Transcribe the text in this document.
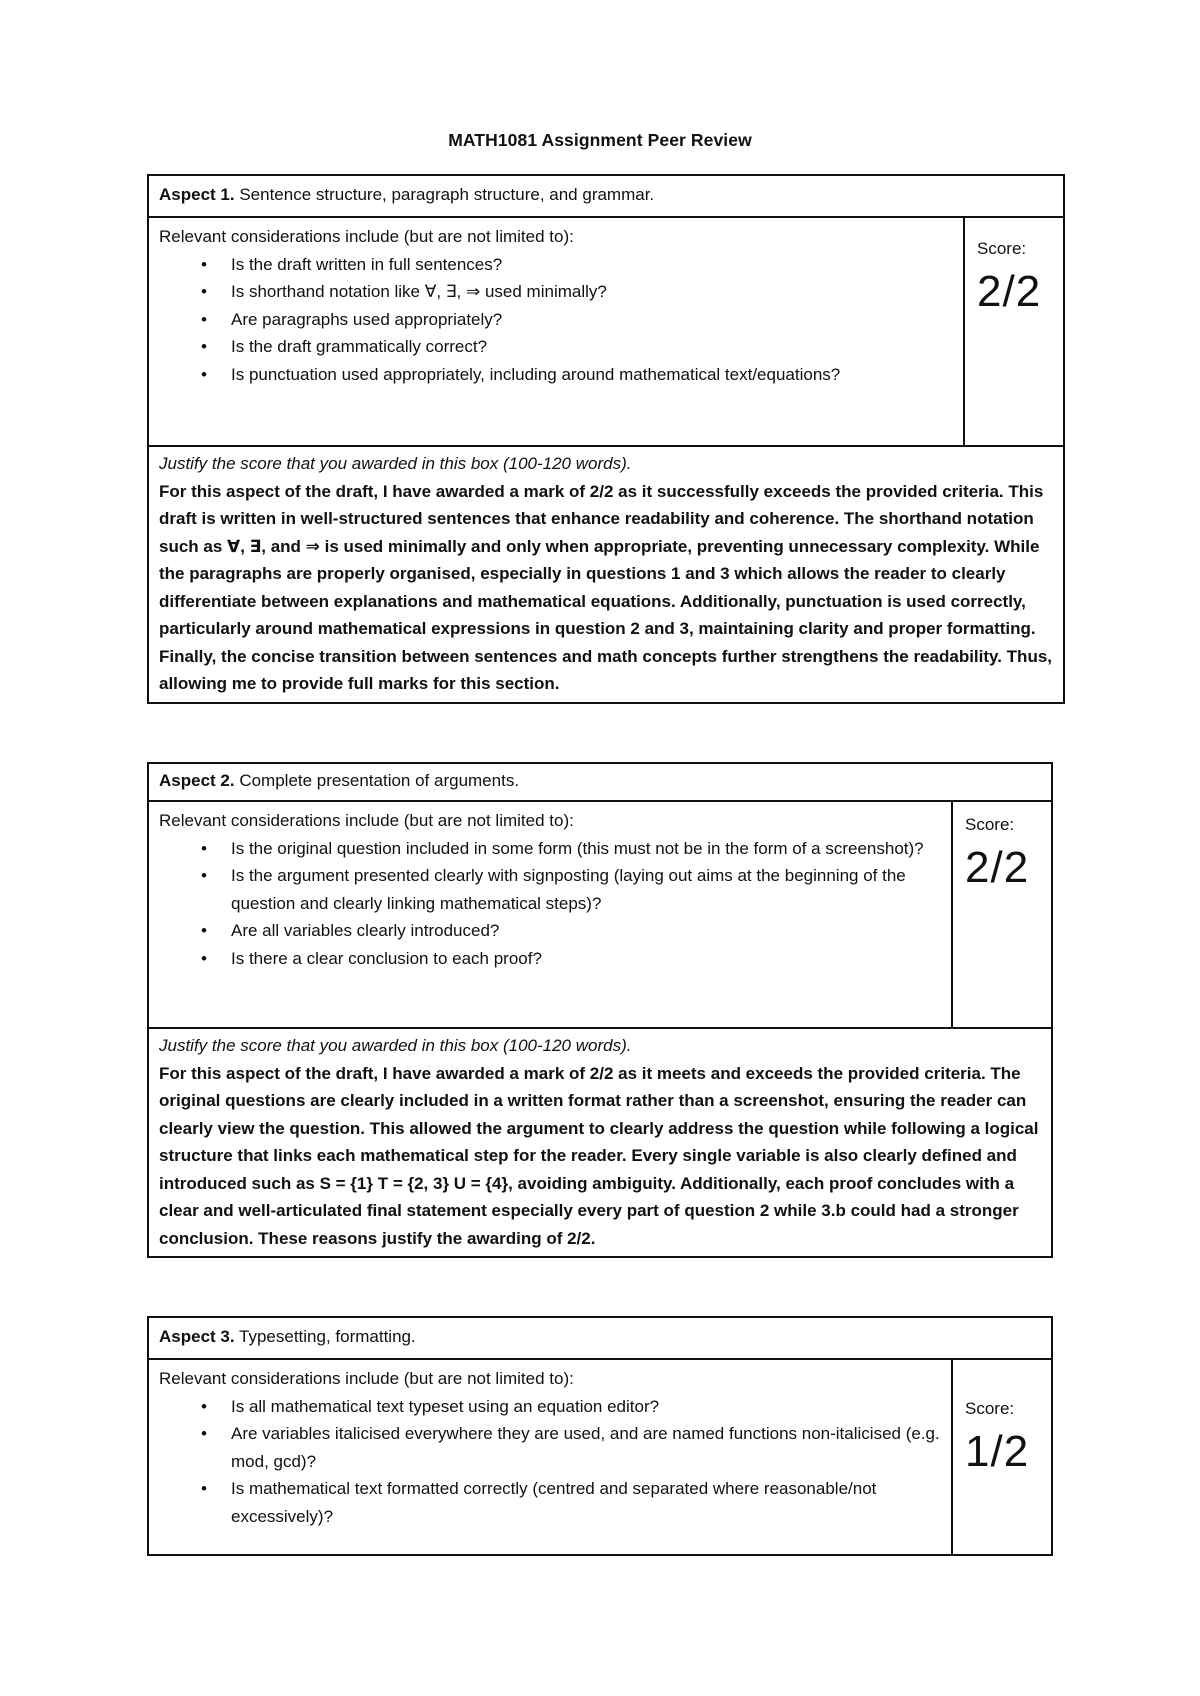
MATH1081 Assignment Peer Review
Aspect 1. Sentence structure, paragraph structure, and grammar.

Relevant considerations include (but are not limited to):

• Is the draft written in full sentences?
• Is shorthand notation like ∀, ∃, ⇒ used minimally?
• Are paragraphs used appropriately?
• Is the draft grammatically correct?
• Is punctuation used appropriately, including around mathematical text/equations?
Score:
2/2
Justify the score that you awarded in this box (100-120 words).
For this aspect of the draft, I have awarded a mark of 2/2 as it successfully exceeds the provided criteria. This draft is written in well-structured sentences that enhance readability and coherence. The shorthand notation such as ∀, ∃, and ⇒ is used minimally and only when appropriate, preventing unnecessary complexity. While the paragraphs are properly organised, especially in questions 1 and 3 which allows the reader to clearly differentiate between explanations and mathematical equations. Additionally, punctuation is used correctly, particularly around mathematical expressions in question 2 and 3, maintaining clarity and proper formatting. Finally, the concise transition between sentences and math concepts further strengthens the readability. Thus, allowing me to provide full marks for this section.
Aspect 2. Complete presentation of arguments.

Relevant considerations include (but are not limited to):

• Is the original question included in some form (this must not be in the form of a screenshot)?
• Is the argument presented clearly with signposting (laying out aims at the beginning of the question and clearly linking mathematical steps)?
• Are all variables clearly introduced?
• Is there a clear conclusion to each proof?
Score:
2/2
Justify the score that you awarded in this box (100-120 words).
For this aspect of the draft, I have awarded a mark of 2/2 as it meets and exceeds the provided criteria. The original questions are clearly included in a written format rather than a screenshot, ensuring the reader can clearly view the question. This allowed the argument to clearly address the question while following a logical structure that links each mathematical step for the reader. Every single variable is also clearly defined and introduced such as S = {1} T = {2, 3} U = {4}, avoiding ambiguity. Additionally, each proof concludes with a clear and well-articulated final statement especially every part of question 2 while 3.b could had a stronger conclusion. These reasons justify the awarding of 2/2.
Aspect 3. Typesetting, formatting.

Relevant considerations include (but are not limited to):

• Is all mathematical text typeset using an equation editor?
• Are variables italicised everywhere they are used, and are named functions non-italicised (e.g. mod, gcd)?
• Is mathematical text formatted correctly (centred and separated where reasonable/not excessively)?
Score:
1/2
